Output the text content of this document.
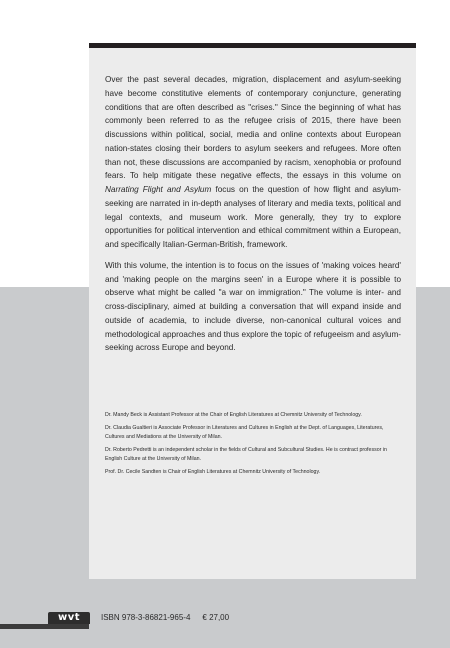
Over the past several decades, migration, displacement and asylum-seeking have become constitutive elements of contemporary conjuncture, generating conditions that are often described as "crises." Since the beginning of what has commonly been referred to as the refugee crisis of 2015, there have been discussions within political, social, media and online contexts about European nation-states closing their borders to asylum seekers and refugees. More often than not, these discussions are accompanied by racism, xenophobia or profound fears. To help mitigate these negative effects, the essays in this volume on Narrating Flight and Asylum focus on the question of how flight and asylum-seeking are narrated in in-depth analyses of literary and media texts, political and legal contexts, and museum work. More generally, they try to explore opportunities for political intervention and ethical commitment within a European, and specifically Italian-German-British, framework.

With this volume, the intention is to focus on the issues of 'making voices heard' and 'making people on the margins seen' in a Europe where it is possible to observe what might be called "a war on immigration." The volume is inter- and cross-disciplinary, aimed at building a conversation that will expand inside and outside of academia, to include diverse, non-canonical cultural voices and methodological approaches and thus explore the topic of refugeeism and asylum-seeking across Europe and beyond.

Dr. Mandy Beck is Assistant Professor at the Chair of English Literatures at Chemnitz University of Technology.

Dr. Claudia Gualtieri is Associate Professor in Literatures and Cultures in English at the Dept. of Languages, Literatures, Cultures and Mediations at the University of Milan.

Dr. Roberto Pedretti is an independent scholar in the fields of Cultural and Subcultural Studies. He is contract professor in English Culture at the University of Milan.

Prof. Dr. Cecile Sandten is Chair of English Literatures at Chemnitz University of Technology.

wvt	ISBN 978-3-86821-965-4 € 27,00
